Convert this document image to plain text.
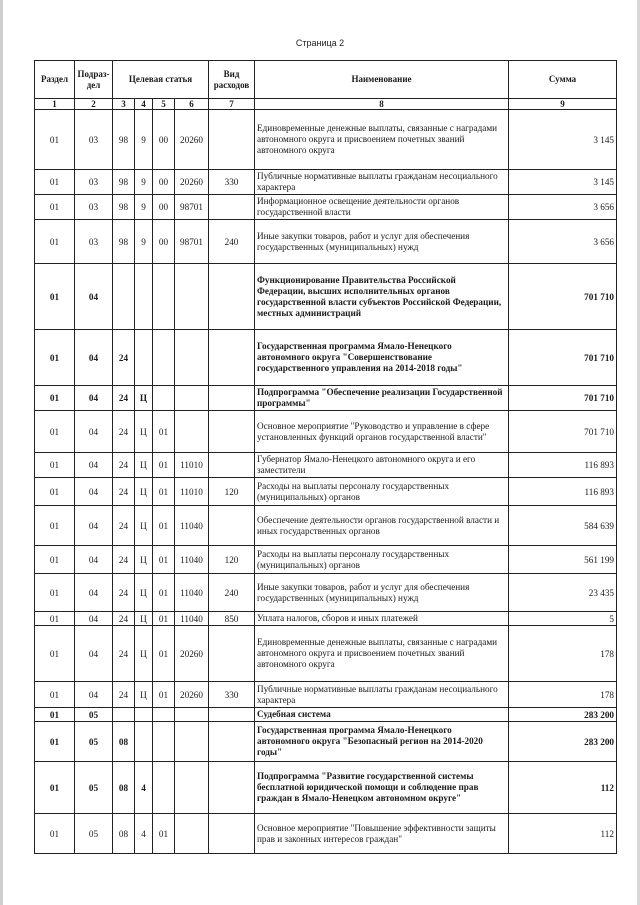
Страница 2
Раздел	Подраз-дел	Целевая статья				Вид расходов	Наименование	Сумма
1	2	3	4	5	6	7	8	9
01	03	98	9	00	20260		Единовременные денежные выплаты, связанные с наградами автономного округа и присвоением почетных званий автономного округа	3 145
01	03	98	9	00	20260	330	Публичные нормативные выплаты гражданам несоциального характера	3 145
01	03	98	9	00	98701		Информационное освещение деятельности органов государственной власти	3 656
01	03	98	9	00	98701	240	Иные закупки товаров, работ и услуг для обеспечения государственных (муниципальных) нужд	3 656
01	04						Функционирование Правительства Российской Федерации, высших исполнительных органов государственной власти субъектов Российской Федерации, местных администраций	701 710
01	04	24					Государственная программа Ямало-Ненецкого автономного округа "Совершенствование государственного управления на 2014-2018 годы"	701 710
01	04	24	Ц				Подпрограмма "Обеспечение реализации Государственной программы"	701 710
01	04	24	Ц	01			Основное мероприятие "Руководство и управление в сфере установленных функций органов государственной власти"	701 710
01	04	24	Ц	01	11010		Губернатор Ямало-Ненецкого автономного округа и его заместители	116 893
01	04	24	Ц	01	11010	120	Расходы на выплаты персоналу государственных (муниципальных) органов	116 893
01	04	24	Ц	01	11040		Обеспечение деятельности органов государственной власти и иных государственных органов	584 639
01	04	24	Ц	01	11040	120	Расходы на выплаты персоналу государственных (муниципальных) органов	561 199
01	04	24	Ц	01	11040	240	Иные закупки товаров, работ и услуг для обеспечения государственных (муниципальных) нужд	23 435
01	04	24	Ц	01	11040	850	Уплата налогов, сборов и иных платежей	5
01	04	24	Ц	01	20260		Единовременные денежные выплаты, связанные с наградами автономного округа и присвоением почетных званий автономного округа	178
01	04	24	Ц	01	20260	330	Публичные нормативные выплаты гражданам несоциального характера	178
01	05						Судебная система	283 200
01	05	08					Государственная программа Ямало-Ненецкого автономного округа "Безопасный регион на 2014-2020 годы"	283 200
01	05	08	4				Подпрограмма "Развитие государственной системы бесплатной юридической помощи и соблюдение прав граждан в Ямало-Ненецком автономном округе"	112
01	05	08	4	01			Основное мероприятие "Повышение эффективности защиты прав и законных интересов граждан"	112
